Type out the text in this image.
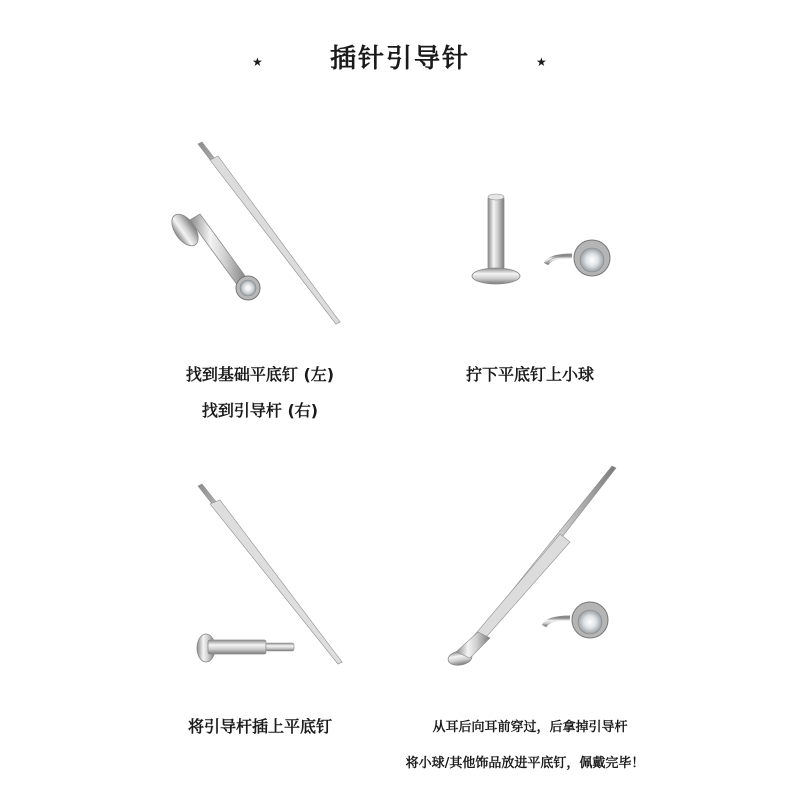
插针引导针
★	★
找到基础平底钉 (左)
找到引导杆 (右)
拧下平底钉上小球
将引导杆插上平底钉	从耳后向耳前穿过，后拿掉引导杆
将小球/其他饰品放进平底钉，佩戴完毕！
